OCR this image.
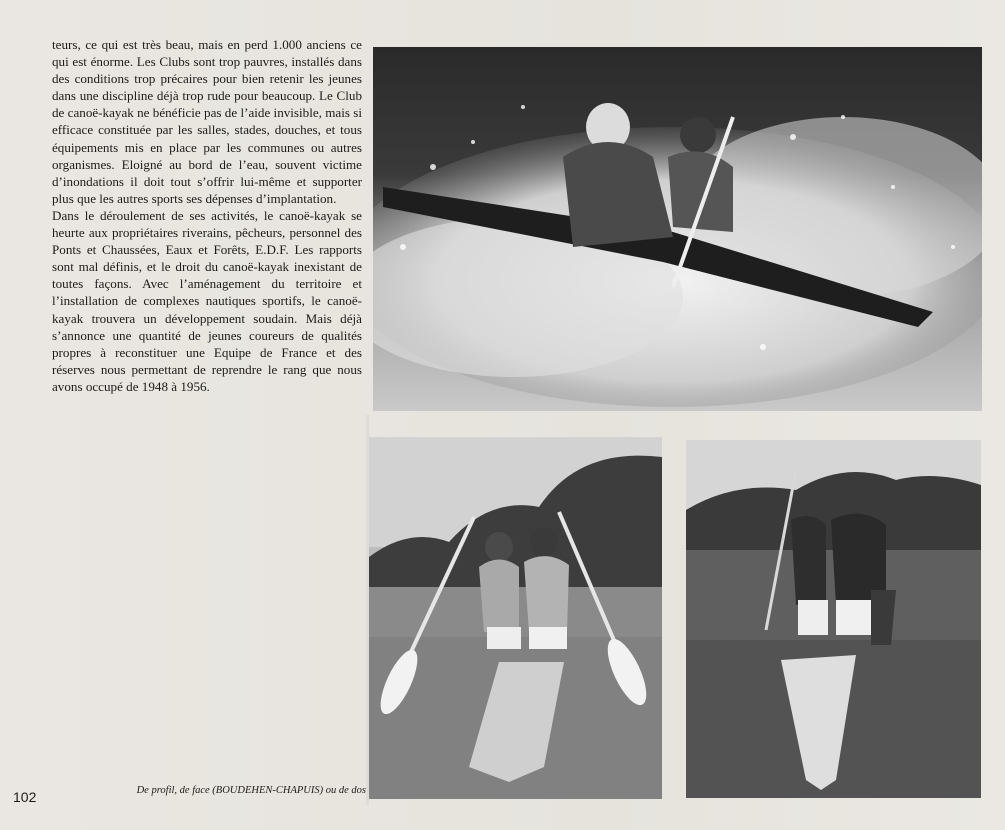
teurs, ce qui est très beau, mais en perd 1.000 anciens ce qui est énorme. Les Clubs sont trop pauvres, installés dans des conditions trop précaires pour bien retenir les jeunes dans une discipline déjà trop rude pour beaucoup. Le Club de canoë-kayak ne bénéficie pas de l’aide invisible, mais si efficace constituée par les salles, stades, douches, et tous équipements mis en place par les communes ou autres organismes. Eloigné au bord de l’eau, souvent victime d’inondations il doit tout s’offrir lui-même et supporter plus que les autres sports ses dépenses d’implantation.

Dans le déroulement de ses activités, le canoë-kayak se heurte aux propriétaires riverains, pêcheurs, personnel des Ponts et Chaussées, Eaux et Forêts, E.D.F. Les rapports sont mal définis, et le droit du canoë-kayak inexistant de toutes façons. Avec l’aménagement du territoire et l’installation de complexes nautiques sportifs, le canoë-kayak trouvera un développement soudain. Mais déjà s’annonce une quantité de jeunes coureurs de qualités propres à reconstituer une Equipe de France et des réserves nous permettant de reprendre le rang que nous avons occupé de 1948 à 1956.

De profil, de face (BOUDEHEN-CHAPUIS) ou de dos
102
